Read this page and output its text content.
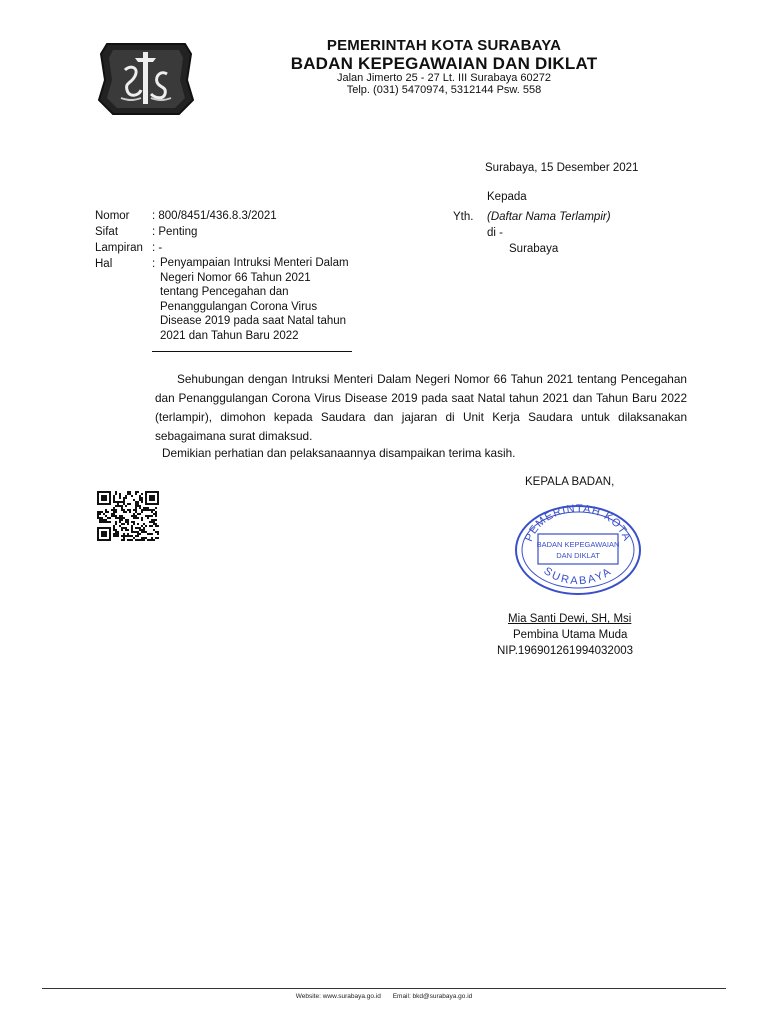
PEMERINTAH KOTA SURABAYA
BADAN KEPEGAWAIAN DAN DIKLAT
Jalan Jimerto 25 - 27 Lt. III Surabaya 60272
Telp. (031) 5470974, 5312144 Psw. 558
Surabaya, 15 Desember 2021
Kepada
Yth. (Daftar Nama Terlampir)
di -
Surabaya
Nomor	: 800/8451/436.8.3/2021
Sifat	: Penting
Lampiran : -
Hal	: Penyampaian Intruksi Menteri Dalam Negeri Nomor 66 Tahun 2021 tentang Pencegahan dan Penanggulangan Corona Virus Disease 2019 pada saat Natal tahun 2021 dan Tahun Baru 2022
Sehubungan dengan Intruksi Menteri Dalam Negeri Nomor 66 Tahun 2021 tentang Pencegahan dan Penanggulangan Corona Virus Disease 2019 pada saat Natal tahun 2021 dan Tahun Baru 2022 (terlampir), dimohon kepada Saudara dan jajaran di Unit Kerja Saudara untuk dilaksanakan sebagaimana surat dimaksud.
Demikian perhatian dan pelaksanaannya disampaikan terima kasih.
KEPALA BADAN,
PEMERINTAH KOTA
SURABAYA
BADAN KEPEGAWAIAN
DAN DIKLAT
Mia Santi Dewi, SH, Msi
Pembina Utama Muda
NIP.196901261994032003
Website: www.surabaya.go.id Email: bkd@surabaya.go.id
